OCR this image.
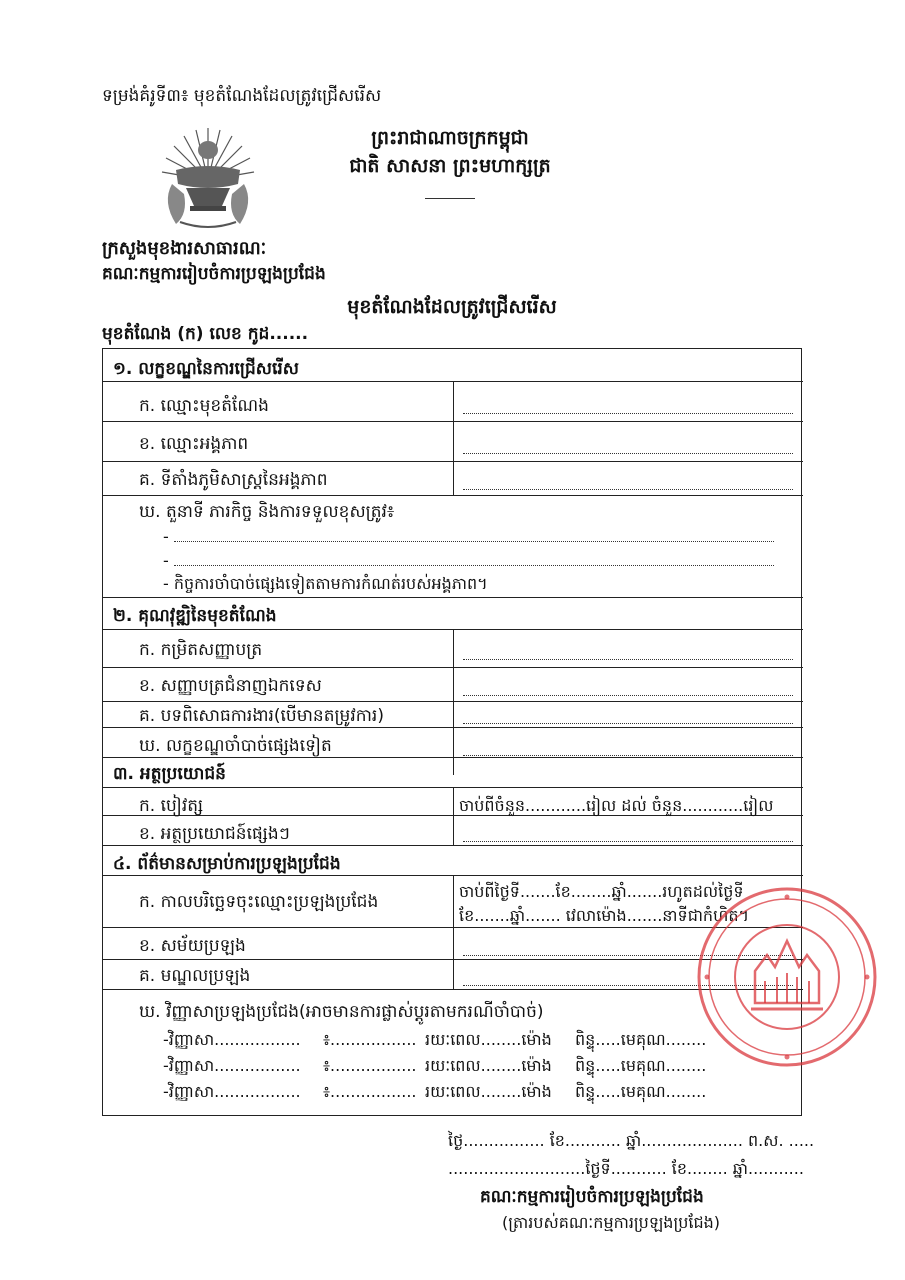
ទម្រង់គំរូទី៣៖ មុខតំណែងដែលត្រូវជ្រើសរើស
ព្រះរាជាណាចក្រកម្ពុជា
ជាតិ សាសនា ព្រះមហាក្សត្រ
ក្រសួងមុខងារសាធារណៈ
គណៈកម្មការរៀបចំការប្រឡងប្រជែង
មុខតំណែងដែលត្រូវជ្រើសរើស
មុខតំណែង (ក) លេខ កូដ......
១. លក្ខខណ្ឌនៃការជ្រើសរើស
ក. ឈ្មោះមុខតំណែង
ខ. ឈ្មោះអង្គភាព
គ. ទីតាំងភូមិសាស្ត្រនៃអង្គភាព
ឃ. តួនាទី ភារកិច្ច និងការទទួលខុសត្រូវ៖
-
-
- កិច្ចការចាំបាច់ផ្សេងទៀតតាមការកំណត់របស់អង្គភាព។
២. គុណវុឌ្ឍិនៃមុខតំណែង
ក. កម្រិតសញ្ញាបត្រ
ខ. សញ្ញាបត្រជំនាញឯកទេស
គ. បទពិសោធការងារ(បើមានតម្រូវការ)
ឃ. លក្ខខណ្ឌចាំបាច់ផ្សេងទៀត
៣. អត្ថប្រយោជន៍
ក. បៀវត្ស	ចាប់ពីចំនួន............រៀល ដល់ ចំនួន............រៀល
ខ. អត្ថប្រយោជន៍ផ្សេងៗ
៤. ព័ត៌មានសម្រាប់ការប្រឡងប្រជែង
ក. កាលបរិច្ឆេទចុះឈ្មោះប្រឡងប្រជែង
ចាប់ពីថ្ងៃទី.......ខែ........ឆ្នាំ.......រហូតដល់ថ្ងៃទី
ខែ.......ឆ្នាំ....... វេលាម៉ោង.......នាទីជាកំហិត។
ខ. សម័យប្រឡង
គ. មណ្ឌលប្រឡង
ឃ. វិញ្ញាសាប្រឡងប្រជែង(អាចមានការផ្លាស់ប្តូរតាមករណីចាំបាច់)
-វិញ្ញាសា................. ៖................. រយៈពេល........ម៉ោង ពិន្ទុ.....មេគុណ........
-វិញ្ញាសា................. ៖................. រយៈពេល........ម៉ោង ពិន្ទុ.....មេគុណ........
-វិញ្ញាសា................. ៖................. រយៈពេល........ម៉ោង ពិន្ទុ.....មេគុណ........
ថ្ងៃ................ ខែ........... ឆ្នាំ.................... ព.ស. .....
...........................ថ្ងៃទី........... ខែ........ ឆ្នាំ...........
គណៈកម្មការរៀបចំការប្រឡងប្រជែង
(ត្រារបស់គណៈកម្មការប្រឡងប្រជែង)
